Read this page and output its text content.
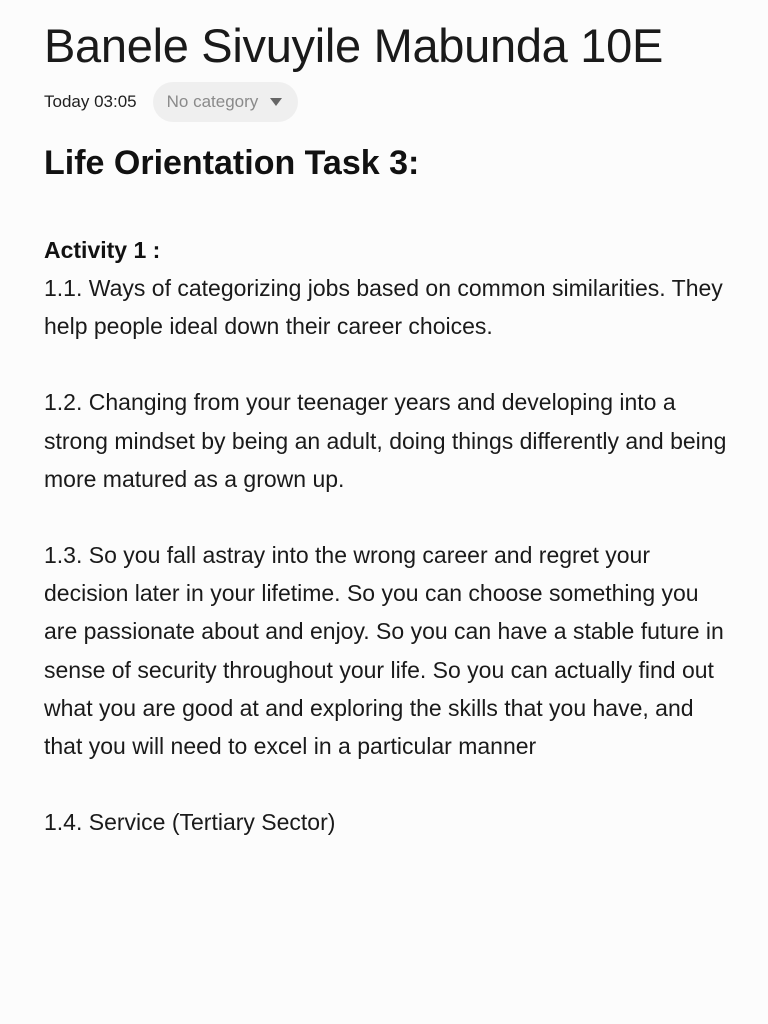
Banele Sivuyile Mabunda 10E
Today 03:05 No category
Life Orientation Task 3:
Activity 1 :

1.1. Ways of categorizing jobs based on common similarities. They help people ideal down their career choices.

1.2. Changing from your teenager years and developing into a strong mindset by being an adult, doing things differently and being more matured as a grown up.

1.3. So you fall astray into the wrong career and regret your decision later in your lifetime. So you can choose something you are passionate about and enjoy. So you can have a stable future in sense of security throughout your life. So you can actually find out what you are good at and exploring the skills that you have, and that you will need to excel in a particular manner

1.4. Service (Tertiary Sector)
